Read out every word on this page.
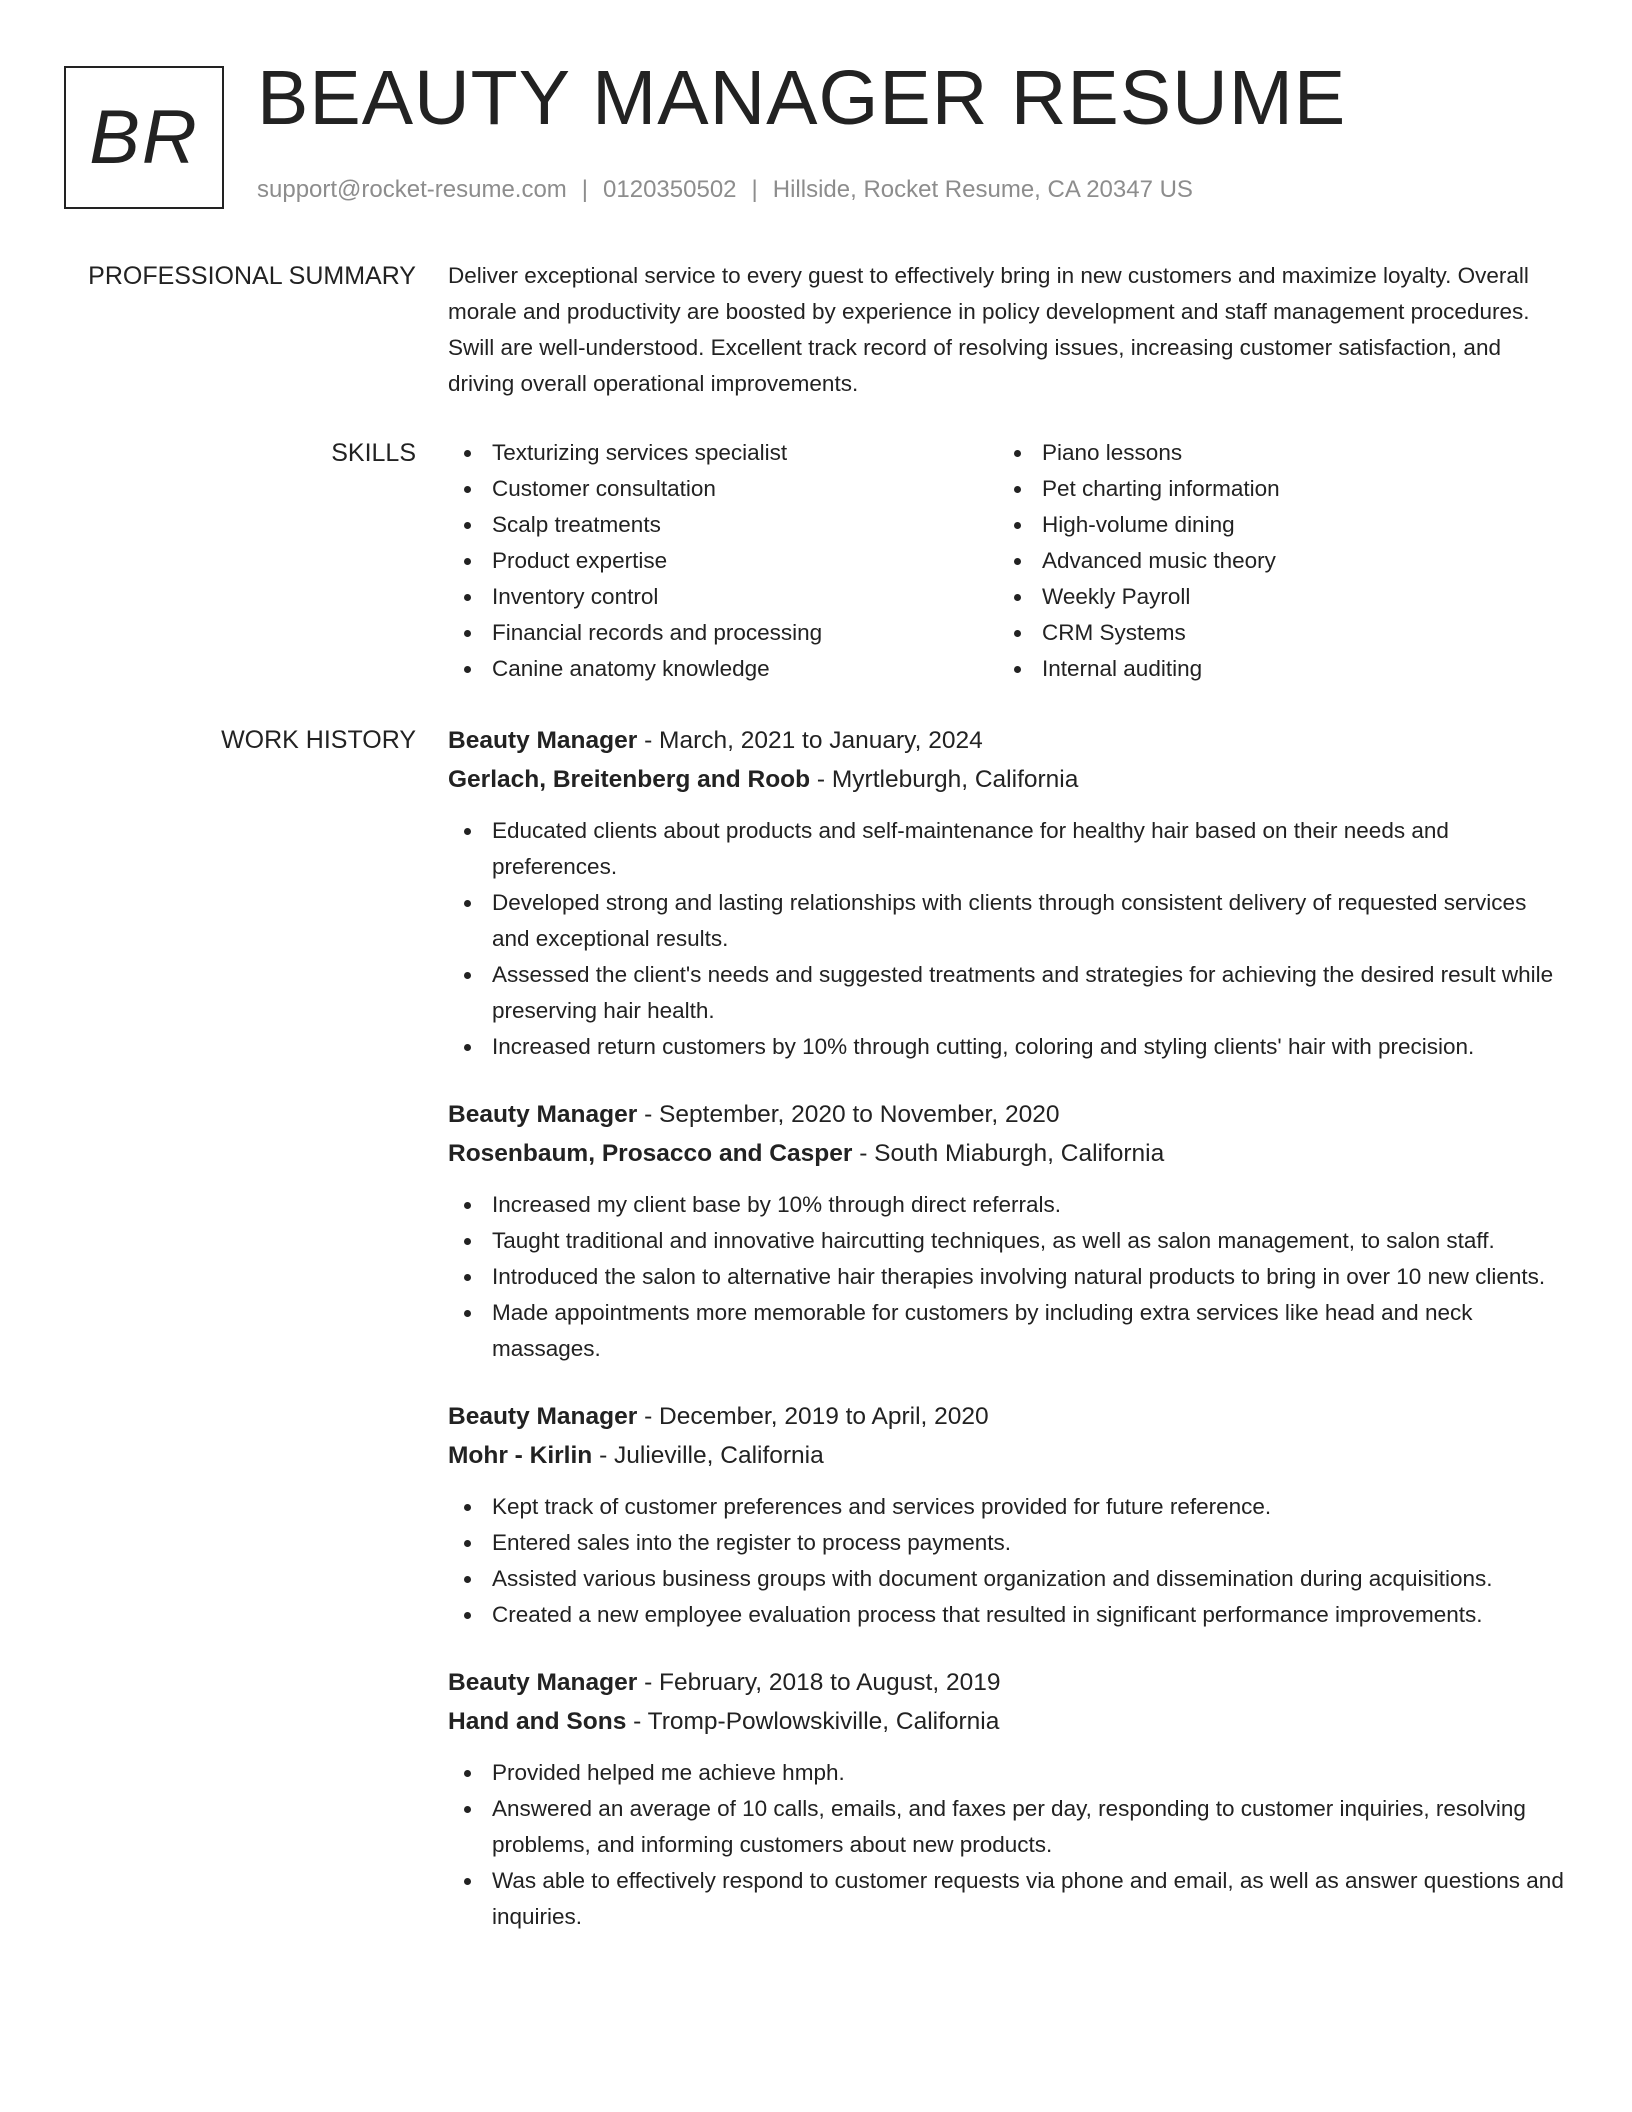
BR BEAUTY MANAGER RESUME
support@rocket-resume.com | 0120350502 | Hillside, Rocket Resume, CA 20347 US
PROFESSIONAL SUMMARY Deliver exceptional service to every guest to effectively bring in new customers and maximize loyalty. Overall morale and productivity are boosted by experience in policy development and staff management procedures. Swill are well-understood. Excellent track record of resolving issues, increasing customer satisfaction, and driving overall operational improvements.
SKILLS	Texturizing services specialist
Customer consultation
Scalp treatments
Product expertise
Inventory control
Financial records and processing
Canine anatomy knowledge
Piano lessons
Pet charting information
High-volume dining
Advanced music theory
Weekly Payroll
CRM Systems
Internal auditing
WORK HISTORY Beauty Manager - March, 2021 to January, 2024
Gerlach, Breitenberg and Roob - Myrtleburgh, California
Educated clients about products and self-maintenance for healthy hair based on their needs and preferences.
Developed strong and lasting relationships with clients through consistent delivery of requested services and exceptional results.
Assessed the client's needs and suggested treatments and strategies for achieving the desired result while preserving hair health.
Increased return customers by 10% through cutting, coloring and styling clients' hair with precision.
Beauty Manager - September, 2020 to November, 2020
Rosenbaum, Prosacco and Casper - South Miaburgh, California
Increased my client base by 10% through direct referrals.
Taught traditional and innovative haircutting techniques, as well as salon management, to salon staff.
Introduced the salon to alternative hair therapies involving natural products to bring in over 10 new clients.
Made appointments more memorable for customers by including extra services like head and neck massages.
Beauty Manager - December, 2019 to April, 2020
Mohr - Kirlin - Julieville, California
Kept track of customer preferences and services provided for future reference.
Entered sales into the register to process payments.
Assisted various business groups with document organization and dissemination during acquisitions.
Created a new employee evaluation process that resulted in significant performance improvements.
Beauty Manager - February, 2018 to August, 2019
Hand and Sons - Tromp-Powlowskiville, California
Provided helped me achieve hmph.
Answered an average of 10 calls, emails, and faxes per day, responding to customer inquiries, resolving problems, and informing customers about new products.
Was able to effectively respond to customer requests via phone and email, as well as answer questions and inquiries.
